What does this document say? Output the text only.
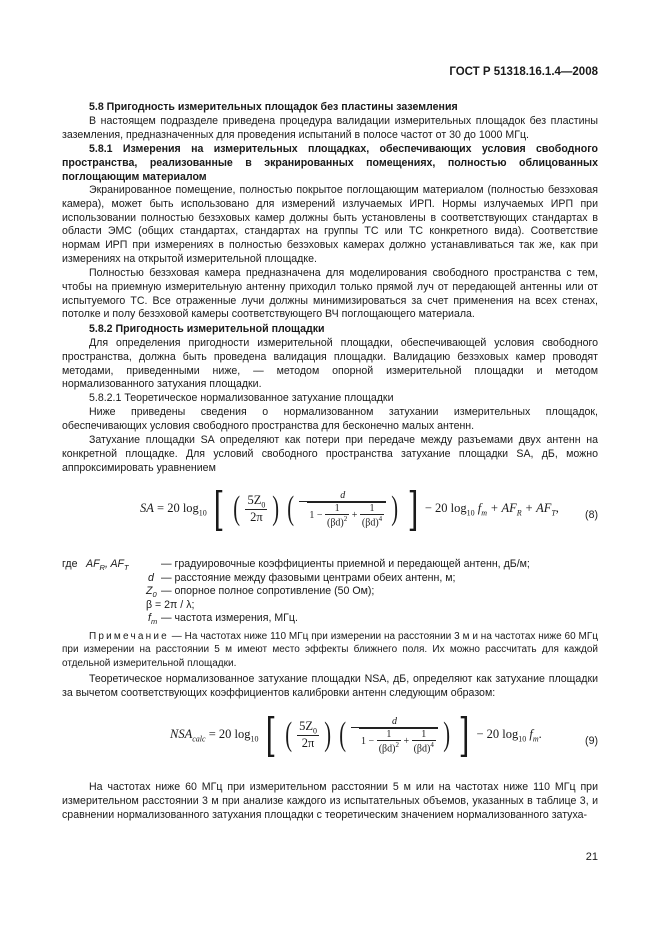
ГОСТ Р 51318.16.1.4—2008
5.8 Пригодность измерительных площадок без пластины заземления
В настоящем подразделе приведена процедура валидации измерительных площадок без пластины заземления, предназначенных для проведения испытаний в полосе частот от 30 до 1000 МГц.
5.8.1 Измерения на измерительных площадках, обеспечивающих условия свободного пространства, реализованные в экранированных помещениях, полностью облицованных поглощающим материалом
Экранированное помещение, полностью покрытое поглощающим материалом (полностью безэховая камера), может быть использовано для измерений излучаемых ИРП. Нормы излучаемых ИРП при использовании полностью безэховых камер должны быть установлены в соответствующих стандартах в области ЭМС (общих стандартах, стандартах на группы ТС или ТС конкретного вида). Соответствие нормам ИРП при измерениях в полностью безэховых камерах должно устанавливаться так же, как при измерениях на открытой измерительной площадке.
Полностью безэховая камера предназначена для моделирования свободного пространства с тем, чтобы на приемную измерительную антенну приходил только прямой луч от передающей антенны или от испытуемого ТС. Все отраженные лучи должны минимизироваться за счет применения на всех стенах, потолке и полу безэховой камеры соответствующего ВЧ поглощающего материала.
5.8.2 Пригодность измерительной площадки
Для определения пригодности измерительной площадки, обеспечивающей условия свободного пространства, должна быть проведена валидация площадки. Валидацию безэховых камер проводят методами, приведенными ниже, — методом опорной измерительной площадки и методом нормализованного затухания площадки.
5.8.2.1 Теоретическое нормализованное затухание площадки
Ниже приведены сведения о нормализованном затухании измерительных площадок, обеспечивающих условия свободного пространства для бесконечно малых антенн.
Затухание площадки SA определяют как потери при передаче между разъемами двух антенн на конкретной площадке. Для условий свободного пространства затухание площадки SA, дБ, можно аппроксимировать уравнением
SA = 20 $\log_{10}$ [ ( $\frac{5Z_0}{2\pi}$ ) ( $\frac{d}{1 - \frac{1}{(\beta d)^2} + \frac{1}{(\beta d)^4}}$ ) ] − 20 $\log_{10} f_m + AF_R + AF_T$,
(8)
где $AF_R$, $AF_T$	— градуировочные коэффициенты приемной и передающей антенн, дБ/м;
d — расстояние между фазовыми центрами обеих антенн, м;
$Z_0$ — опорное полное сопротивление (50 Ом);
β = 2π / λ;
$f_m$ — частота измерения, МГц.
Примечание — На частотах ниже 110 МГц при измерении на расстоянии 3 м и на частотах ниже 60 МГц при измерении на расстоянии 5 м имеют место эффекты ближнего поля. Их можно рассчитать для каждой отдельной измерительной площадки.
Теоретическое нормализованное затухание площадки NSA, дБ, определяют как затухание площадки за вычетом соответствующих коэффициентов калибровки антенн следующим образом:
$NSA_{calc} = 20$ $\log_{10}$ [ ( $\frac{5Z_0}{2\pi}$ ) ( $\frac{d}{1 - \frac{1}{(\beta d)^2} + \frac{1}{(\beta d)^4}}$ ) ] − 20 $\log_{10} f_m$.
(9)
На частотах ниже 60 МГц при измерительном расстоянии 5 м или на частотах ниже 110 МГц при измерительном расстоянии 3 м при анализе каждого из испытательных объемов, указанных в таблице 3, и сравнении нормализованного затухания площадки с теоретическим значением нормализованного затуха-
21
